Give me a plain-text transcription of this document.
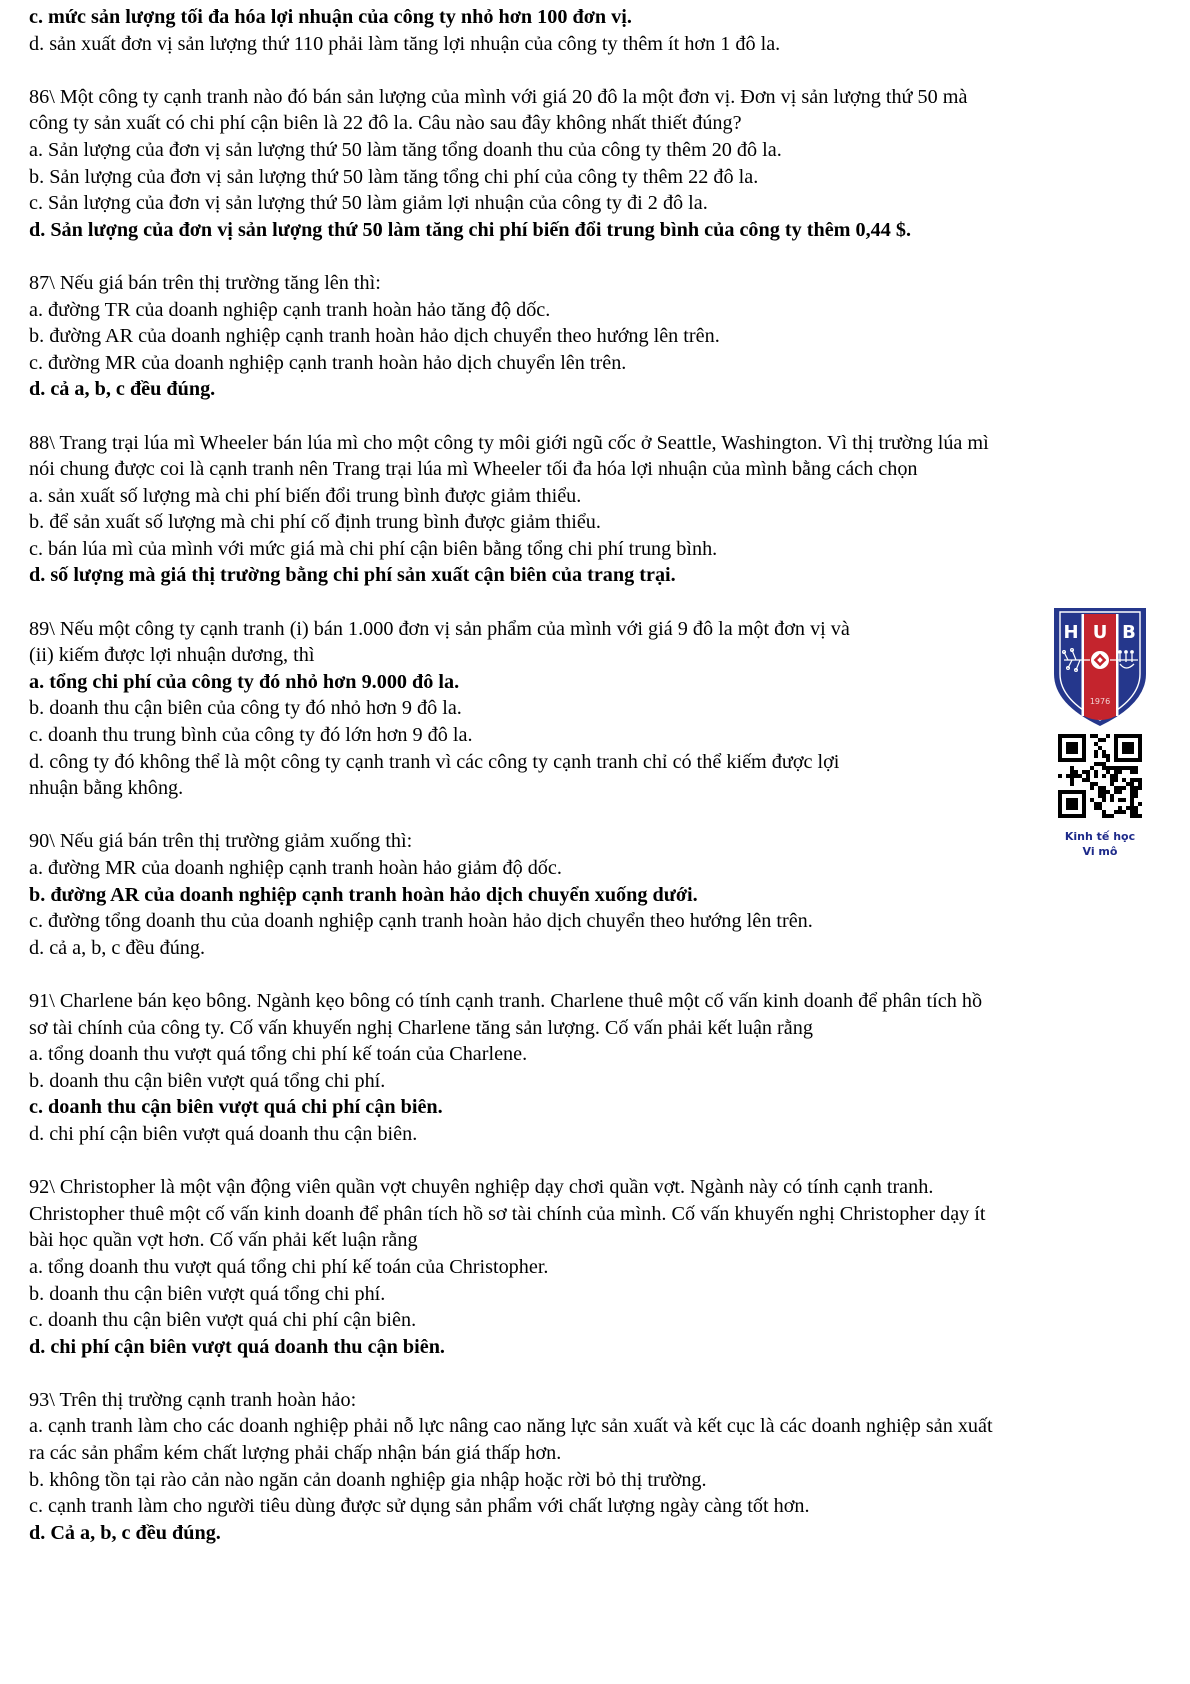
c. mức sản lượng tối đa hóa lợi nhuận của công ty nhỏ hơn 100 đơn vị.
d. sản xuất đơn vị sản lượng thứ 110 phải làm tăng lợi nhuận của công ty thêm ít hơn 1 đô la.
86\ Một công ty cạnh tranh nào đó bán sản lượng của mình với giá 20 đô la một đơn vị. Đơn vị sản lượng thứ 50 mà
công ty sản xuất có chi phí cận biên là 22 đô la. Câu nào sau đây không nhất thiết đúng?
a. Sản lượng của đơn vị sản lượng thứ 50 làm tăng tổng doanh thu của công ty thêm 20 đô la.
b. Sản lượng của đơn vị sản lượng thứ 50 làm tăng tổng chi phí của công ty thêm 22 đô la.
c. Sản lượng của đơn vị sản lượng thứ 50 làm giảm lợi nhuận của công ty đi 2 đô la.
d. Sản lượng của đơn vị sản lượng thứ 50 làm tăng chi phí biến đổi trung bình của công ty thêm 0,44 $.
87\ Nếu giá bán trên thị trường tăng lên thì:
a. đường TR của doanh nghiệp cạnh tranh hoàn hảo tăng độ dốc.
b. đường AR của doanh nghiệp cạnh tranh hoàn hảo dịch chuyển theo hướng lên trên.
c. đường MR của doanh nghiệp cạnh tranh hoàn hảo dịch chuyển lên trên.
d. cả a, b, c đều đúng.
88\ Trang trại lúa mì Wheeler bán lúa mì cho một công ty môi giới ngũ cốc ở Seattle, Washington. Vì thị trường lúa mì
nói chung được coi là cạnh tranh nên Trang trại lúa mì Wheeler tối đa hóa lợi nhuận của mình bằng cách chọn
a. sản xuất số lượng mà chi phí biến đổi trung bình được giảm thiểu.
b. để sản xuất số lượng mà chi phí cố định trung bình được giảm thiểu.
c. bán lúa mì của mình với mức giá mà chi phí cận biên bằng tổng chi phí trung bình.
d. số lượng mà giá thị trường bằng chi phí sản xuất cận biên của trang trại.
89\ Nếu một công ty cạnh tranh (i) bán 1.000 đơn vị sản phẩm của mình với giá 9 đô la một đơn vị và
(ii) kiếm được lợi nhuận dương, thì
a. tổng chi phí của công ty đó nhỏ hơn 9.000 đô la.
b. doanh thu cận biên của công ty đó nhỏ hơn 9 đô la.
c. doanh thu trung bình của công ty đó lớn hơn 9 đô la.
d. công ty đó không thể là một công ty cạnh tranh vì các công ty cạnh tranh chỉ có thể kiếm được lợi
nhuận bằng không.
90\ Nếu giá bán trên thị trường giảm xuống thì:
a. đường MR của doanh nghiệp cạnh tranh hoàn hảo giảm độ dốc.
b. đường AR của doanh nghiệp cạnh tranh hoàn hảo dịch chuyển xuống dưới.
c. đường tổng doanh thu của doanh nghiệp cạnh tranh hoàn hảo dịch chuyển theo hướng lên trên.
d. cả a, b, c đều đúng.
91\ Charlene bán kẹo bông. Ngành kẹo bông có tính cạnh tranh. Charlene thuê một cố vấn kinh doanh để phân tích hồ
sơ tài chính của công ty. Cố vấn khuyến nghị Charlene tăng sản lượng. Cố vấn phải kết luận rằng
a. tổng doanh thu vượt quá tổng chi phí kế toán của Charlene.
b. doanh thu cận biên vượt quá tổng chi phí.
c. doanh thu cận biên vượt quá chi phí cận biên.
d. chi phí cận biên vượt quá doanh thu cận biên.
92\ Christopher là một vận động viên quần vợt chuyên nghiệp dạy chơi quần vợt. Ngành này có tính cạnh tranh.
Christopher thuê một cố vấn kinh doanh để phân tích hồ sơ tài chính của mình. Cố vấn khuyến nghị Christopher dạy ít
bài học quần vợt hơn. Cố vấn phải kết luận rằng
a. tổng doanh thu vượt quá tổng chi phí kế toán của Christopher.
b. doanh thu cận biên vượt quá tổng chi phí.
c. doanh thu cận biên vượt quá chi phí cận biên.
d. chi phí cận biên vượt quá doanh thu cận biên.
93\ Trên thị trường cạnh tranh hoàn hảo:
a. cạnh tranh làm cho các doanh nghiệp phải nỗ lực nâng cao năng lực sản xuất và kết cục là các doanh nghiệp sản xuất
ra các sản phẩm kém chất lượng phải chấp nhận bán giá thấp hơn.
b. không tồn tại rào cản nào ngăn cản doanh nghiệp gia nhập hoặc rời bỏ thị trường.
c. cạnh tranh làm cho người tiêu dùng được sử dụng sản phẩm với chất lượng ngày càng tốt hơn.
d. Cả a, b, c đều đúng.
H U B
1976
Kinh tế học
Vi mô
